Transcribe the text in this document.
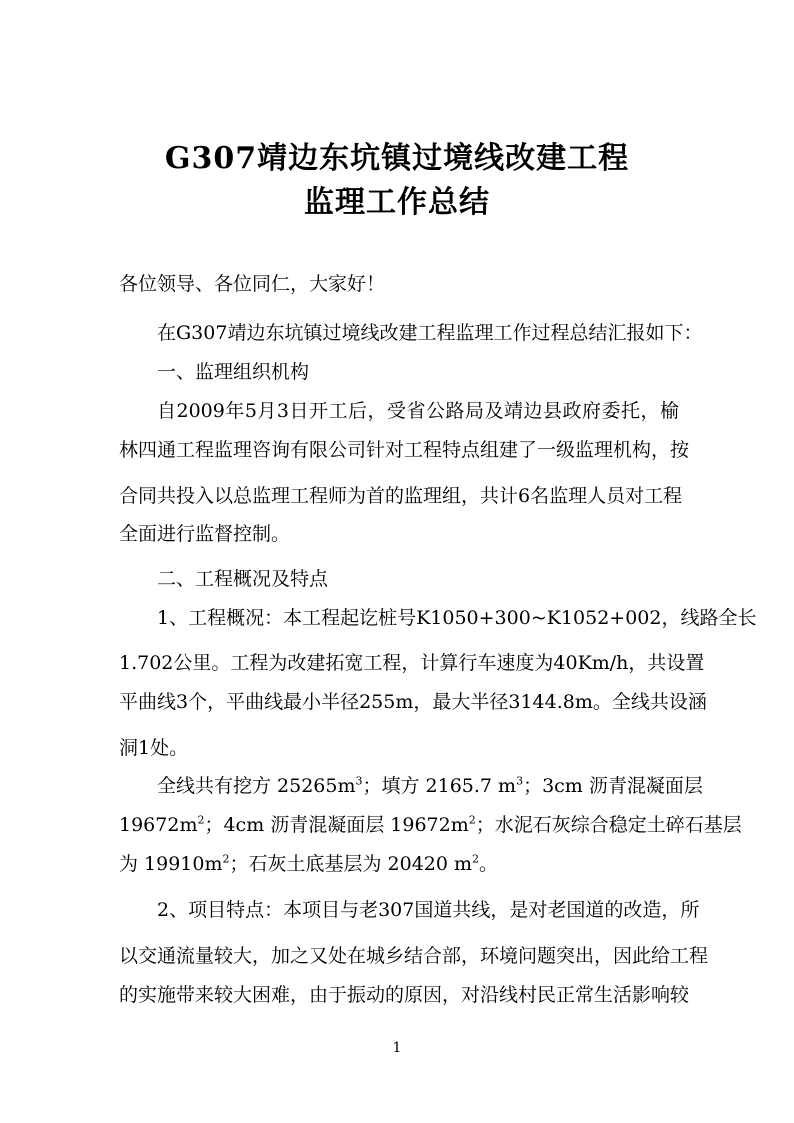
G307靖边东坑镇过境线改建工程
监理工作总结
各位领导、各位同仁，大家好！
在G307靖边东坑镇过境线改建工程监理工作过程总结汇报如下：
一、监理组织机构
自2009年5月3日开工后，受省公路局及靖边县政府委托，榆
林四通工程监理咨询有限公司针对工程特点组建了一级监理机构，按
合同共投入以总监理工程师为首的监理组，共计6名监理人员对工程
全面进行监督控制。
二、工程概况及特点
1、工程概况：本工程起讫桩号K1050+300~K1052+002，线路全长
1.702公里。工程为改建拓宽工程，计算行车速度为40Km/h，共设置
平曲线3个，平曲线最小半径255m，最大半径3144.8m。全线共设涵
洞1处。
全线共有挖方 $25265m^3$；填方 2165.7 $m^3$；3cm 沥青混凝面层
$19672m^2$；4cm 沥青混凝面层 $19672m^2$；水泥石灰综合稳定土碎石基层
为 $19910m^2$；石灰土底基层为 20420 $m^2$。
2、项目特点：本项目与老307国道共线，是对老国道的改造，所
以交通流量较大，加之又处在城乡结合部，环境问题突出，因此给工程
的实施带来较大困难，由于振动的原因，对沿线村民正常生活影响较
1
